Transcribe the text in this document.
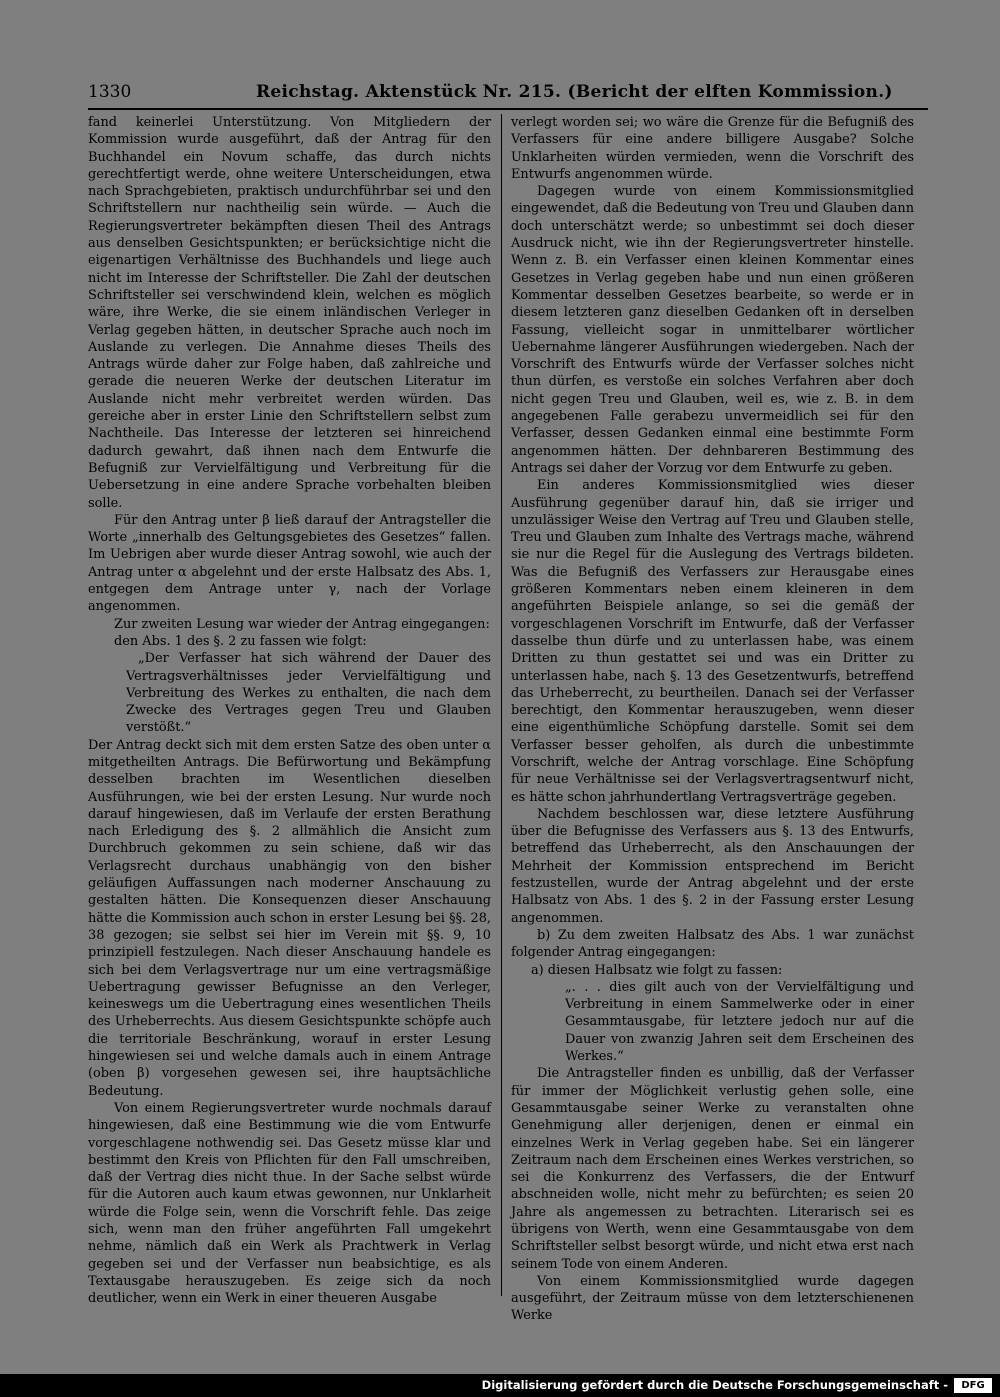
1330	Reichstag. Aktenstück Nr. 215. (Bericht der elften Kommission.)

fand keinerlei Unterstützung. Von Mitgliedern der Kommission wurde ausgeführt, daß der Antrag für den Buchhandel ein Novum schaffe, das durch nichts gerechtfertigt werde, ohne weitere Unterscheidungen, etwa nach Sprachgebieten, praktisch undurchführbar sei und den Schriftstellern nur nachtheilig sein würde. — Auch die Regierungsvertreter bekämpften diesen Theil des Antrags aus denselben Gesichtspunkten; er berücksichtige nicht die eigenartigen Verhältnisse des Buchhandels und liege auch nicht im Interesse der Schriftsteller. Die Zahl der deutschen Schriftsteller sei verschwindend klein, welchen es möglich wäre, ihre Werke, die sie einem inländischen Verleger in Verlag gegeben hätten, in deutscher Sprache auch noch im Auslande zu verlegen. Die Annahme dieses Theils des Antrags würde daher zur Folge haben, daß zahlreiche und gerade die neueren Werke der deutschen Literatur im Auslande nicht mehr verbreitet werden würden. Das gereiche aber in erster Linie den Schriftstellern selbst zum Nachtheile. Das Interesse der letzteren sei hinreichend dadurch gewahrt, daß ihnen nach dem Entwurfe die Befugniß zur Vervielfältigung und Verbreitung für die Uebersetzung in eine andere Sprache vorbehalten bleiben solle.

Für den Antrag unter β ließ darauf der Antragsteller die Worte „innerhalb des Geltungsgebietes des Gesetzes“ fallen. Im Uebrigen aber wurde dieser Antrag sowohl, wie auch der Antrag unter α abgelehnt und der erste Halbsatz des Abs. 1, entgegen dem Antrage unter γ, nach der Vorlage angenommen.

Zur zweiten Lesung war wieder der Antrag eingegangen:

den Abs. 1 des §. 2 zu fassen wie folgt:

„Der Verfasser hat sich während der Dauer des Vertragsverhältnisses jeder Vervielfältigung und Verbreitung des Werkes zu enthalten, die nach dem Zwecke des Vertrages gegen Treu und Glauben verstößt.“

Der Antrag deckt sich mit dem ersten Satze des oben unter α mitgetheilten Antrags. Die Befürwortung und Bekämpfung desselben brachten im Wesentlichen dieselben Ausführungen, wie bei der ersten Lesung. Nur wurde noch darauf hingewiesen, daß im Verlaufe der ersten Berathung nach Erledigung des §. 2 allmählich die Ansicht zum Durchbruch gekommen zu sein schiene, daß wir das Verlagsrecht durchaus unabhängig von den bisher geläufigen Auffassungen nach moderner Anschauung zu gestalten hätten. Die Konsequenzen dieser Anschauung hätte die Kommission auch schon in erster Lesung bei §§. 28, 38 gezogen; sie selbst sei hier im Verein mit §§. 9, 10 prinzipiell festzulegen. Nach dieser Anschauung handele es sich bei dem Verlagsvertrage nur um eine vertragsmäßige Uebertragung gewisser Befugnisse an den Verleger, keineswegs um die Uebertragung eines wesentlichen Theils des Urheberrechts. Aus diesem Gesichtspunkte schöpfe auch die territoriale Beschränkung, worauf in erster Lesung hingewiesen sei und welche damals auch in einem Antrage (oben β) vorgesehen gewesen sei, ihre hauptsächliche Bedeutung.

Von einem Regierungsvertreter wurde nochmals darauf hingewiesen, daß eine Bestimmung wie die vom Entwurfe vorgeschlagene nothwendig sei. Das Gesetz müsse klar und bestimmt den Kreis von Pflichten für den Fall umschreiben, daß der Vertrag dies nicht thue. In der Sache selbst würde für die Autoren auch kaum etwas gewonnen, nur Unklarheit würde die Folge sein, wenn die Vorschrift fehle. Das zeige sich, wenn man den früher angeführten Fall umgekehrt nehme, nämlich daß ein Werk als Prachtwerk in Verlag gegeben sei und der Verfasser nun beabsichtige, es als Textausgabe herauszugeben. Es zeige sich da noch deutlicher, wenn ein Werk in einer theueren Ausgabe

verlegt worden sei; wo wäre die Grenze für die Befugniß des Verfassers für eine andere billigere Ausgabe? Solche Unklarheiten würden vermieden, wenn die Vorschrift des Entwurfs angenommen würde.

Dagegen wurde von einem Kommissionsmitglied eingewendet, daß die Bedeutung von Treu und Glauben dann doch unterschätzt werde; so unbestimmt sei doch dieser Ausdruck nicht, wie ihn der Regierungsvertreter hinstelle. Wenn z. B. ein Verfasser einen kleinen Kommentar eines Gesetzes in Verlag gegeben habe und nun einen größeren Kommentar desselben Gesetzes bearbeite, so werde er in diesem letzteren ganz dieselben Gedanken oft in derselben Fassung, vielleicht sogar in unmittelbarer wörtlicher Uebernahme längerer Ausführungen wiedergeben. Nach der Vorschrift des Entwurfs würde der Verfasser solches nicht thun dürfen, es verstoße ein solches Verfahren aber doch nicht gegen Treu und Glauben, weil es, wie z. B. in dem angegebenen Falle gerabezu unvermeidlich sei für den Verfasser, dessen Gedanken einmal eine bestimmte Form angenommen hätten. Der dehnbareren Bestimmung des Antrags sei daher der Vorzug vor dem Entwurfe zu geben.

Ein anderes Kommissionsmitglied wies dieser Ausführung gegenüber darauf hin, daß sie irriger und unzulässiger Weise den Vertrag auf Treu und Glauben stelle, Treu und Glauben zum Inhalte des Vertrags mache, während sie nur die Regel für die Auslegung des Vertrags bildeten. Was die Befugniß des Verfassers zur Herausgabe eines größeren Kommentars neben einem kleineren in dem angeführten Beispiele anlange, so sei die gemäß der vorgeschlagenen Vorschrift im Entwurfe, daß der Verfasser dasselbe thun dürfe und zu unterlassen habe, was einem Dritten zu thun gestattet sei und was ein Dritter zu unterlassen habe, nach §. 13 des Gesetzentwurfs, betreffend das Urheberrecht, zu beurtheilen. Danach sei der Verfasser berechtigt, den Kommentar herauszugeben, wenn dieser eine eigenthümliche Schöpfung darstelle. Somit sei dem Verfasser besser geholfen, als durch die unbestimmte Vorschrift, welche der Antrag vorschlage. Eine Schöpfung für neue Verhältnisse sei der Verlagsvertragsentwurf nicht, es hätte schon jahrhundertlang Vertragsverträge gegeben.

Nachdem beschlossen war, diese letztere Ausführung über die Befugnisse des Verfassers aus §. 13 des Entwurfs, betreffend das Urheberrecht, als den Anschauungen der Mehrheit der Kommission entsprechend im Bericht festzustellen, wurde der Antrag abgelehnt und der erste Halbsatz von Abs. 1 des §. 2 in der Fassung erster Lesung angenommen.

b) Zu dem zweiten Halbsatz des Abs. 1 war zunächst folgender Antrag eingegangen:

a) diesen Halbsatz wie folgt zu fassen:

„. . . dies gilt auch von der Vervielfältigung und Verbreitung in einem Sammelwerke oder in einer Gesammtausgabe, für letztere jedoch nur auf die Dauer von zwanzig Jahren seit dem Erscheinen des Werkes.“

Die Antragsteller finden es unbillig, daß der Verfasser für immer der Möglichkeit verlustig gehen solle, eine Gesammtausgabe seiner Werke zu veranstalten ohne Genehmigung aller derjenigen, denen er einmal ein einzelnes Werk in Verlag gegeben habe. Sei ein längerer Zeitraum nach dem Erscheinen eines Werkes verstrichen, so sei die Konkurrenz des Verfassers, die der Entwurf abschneiden wolle, nicht mehr zu befürchten; es seien 20 Jahre als angemessen zu betrachten. Literarisch sei es übrigens von Werth, wenn eine Gesammtausgabe von dem Schriftsteller selbst besorgt würde, und nicht etwa erst nach seinem Tode von einem Anderen.

Von einem Kommissionsmitglied wurde dagegen ausgeführt, der Zeitraum müsse von dem letzterschienenen Werke

Digitalisierung gefördert durch die Deutsche Forschungsgemeinschaft -	DFG
